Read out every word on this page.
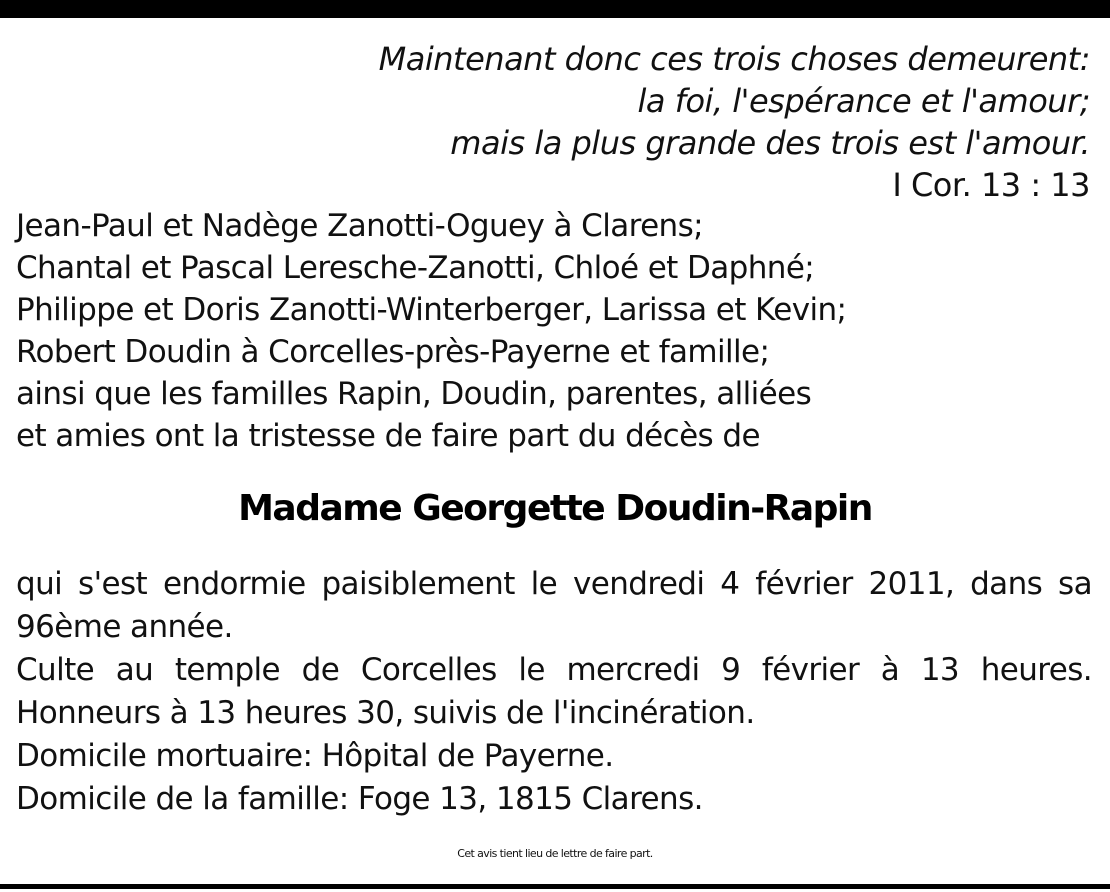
Maintenant donc ces trois choses demeurent:
la foi, l'espérance et l'amour;
mais la plus grande des trois est l'amour.
I Cor. 13 : 13
Jean-Paul et Nadège Zanotti-Oguey à Clarens;
Chantal et Pascal Leresche-Zanotti, Chloé et Daphné;
Philippe et Doris Zanotti-Winterberger, Larissa et Kevin;
Robert Doudin à Corcelles-près-Payerne et famille;
ainsi que les familles Rapin, Doudin, parentes, alliées
et amies ont la tristesse de faire part du décès de
Madame Georgette Doudin-Rapin
qui s'est endormie paisiblement le vendredi 4 février 2011, dans sa
96ème année.
Culte au temple de Corcelles le mercredi 9 février à 13 heures.
Honneurs à 13 heures 30, suivis de l'incinération.
Domicile mortuaire: Hôpital de Payerne.
Domicile de la famille: Foge 13, 1815 Clarens.
Cet avis tient lieu de lettre de faire part.
